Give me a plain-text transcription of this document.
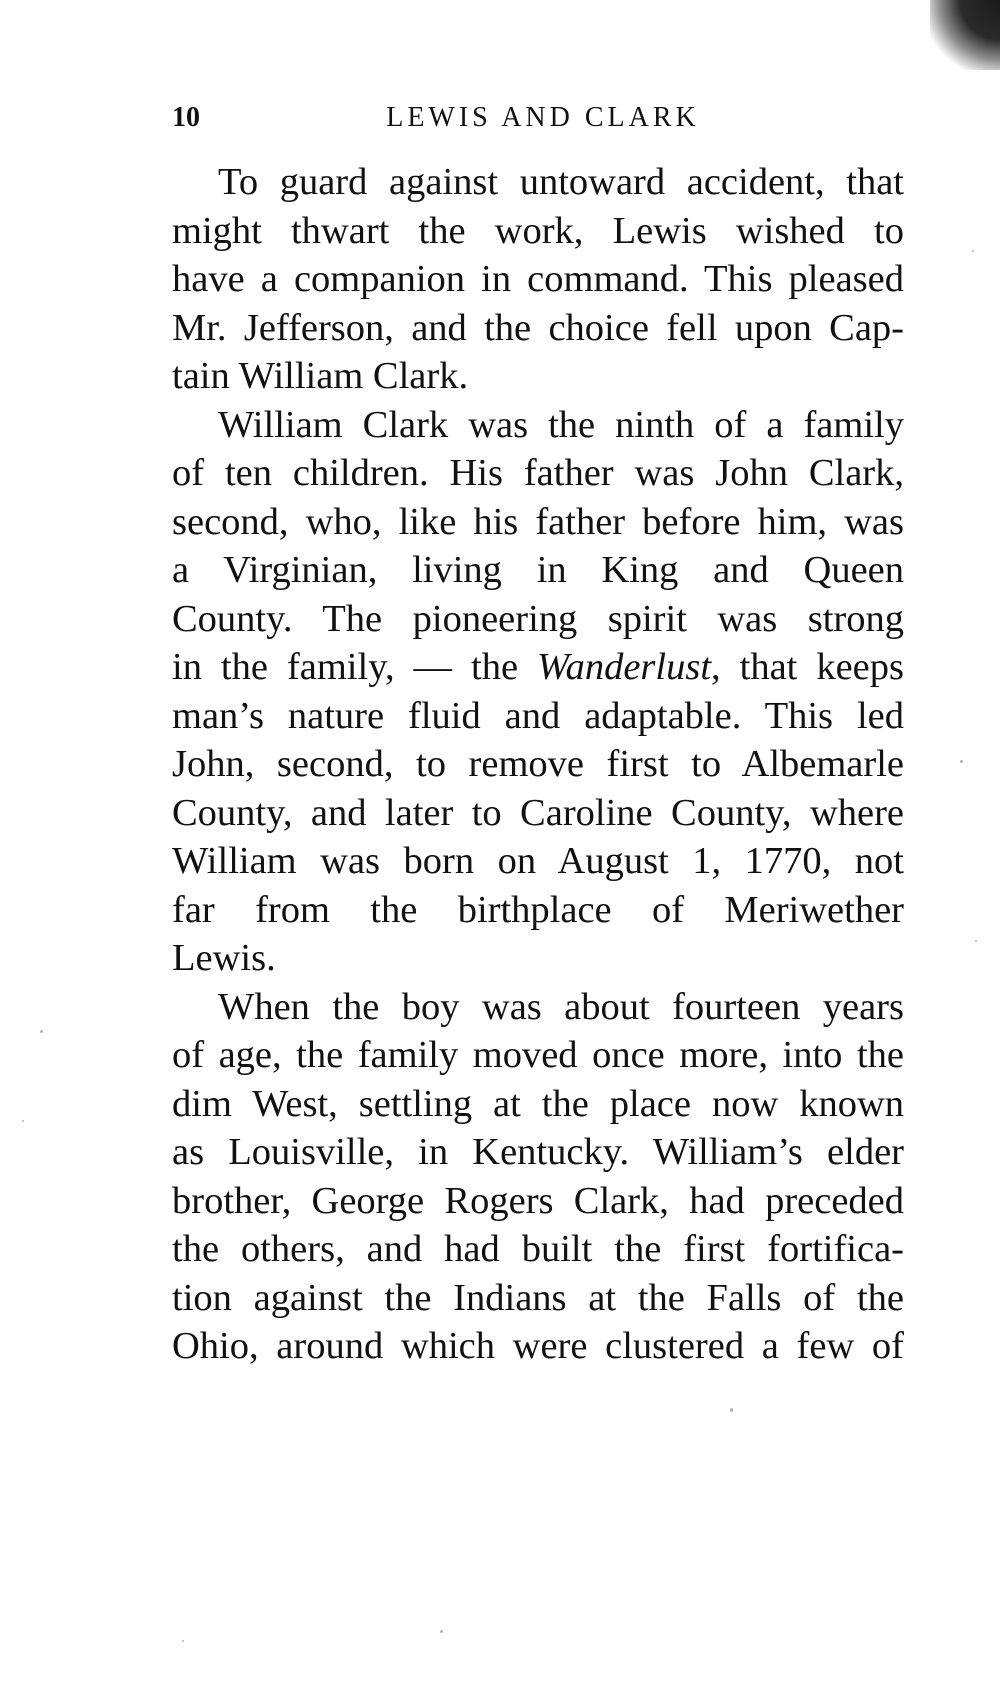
10	LEWIS AND CLARK

To guard against untoward accident, that
might thwart the work, Lewis wished to
have a companion in command. This pleased
Mr. Jefferson, and the choice fell upon Cap-
tain William Clark.

William Clark was the ninth of a family
of ten children. His father was John Clark,
second, who, like his father before him, was
a Virginian, living in King and Queen
County. The pioneering spirit was strong
in the family, — the Wanderlust, that keeps
man’s nature fluid and adaptable. This led
John, second, to remove first to Albemarle
County, and later to Caroline County, where
William was born on August 1, 1770, not
far from the birthplace of Meriwether
Lewis.

When the boy was about fourteen years
of age, the family moved once more, into the
dim West, settling at the place now known
as Louisville, in Kentucky. William’s elder
brother, George Rogers Clark, had preceded
the others, and had built the first fortifica-
tion against the Indians at the Falls of the
Ohio, around which were clustered a few of
